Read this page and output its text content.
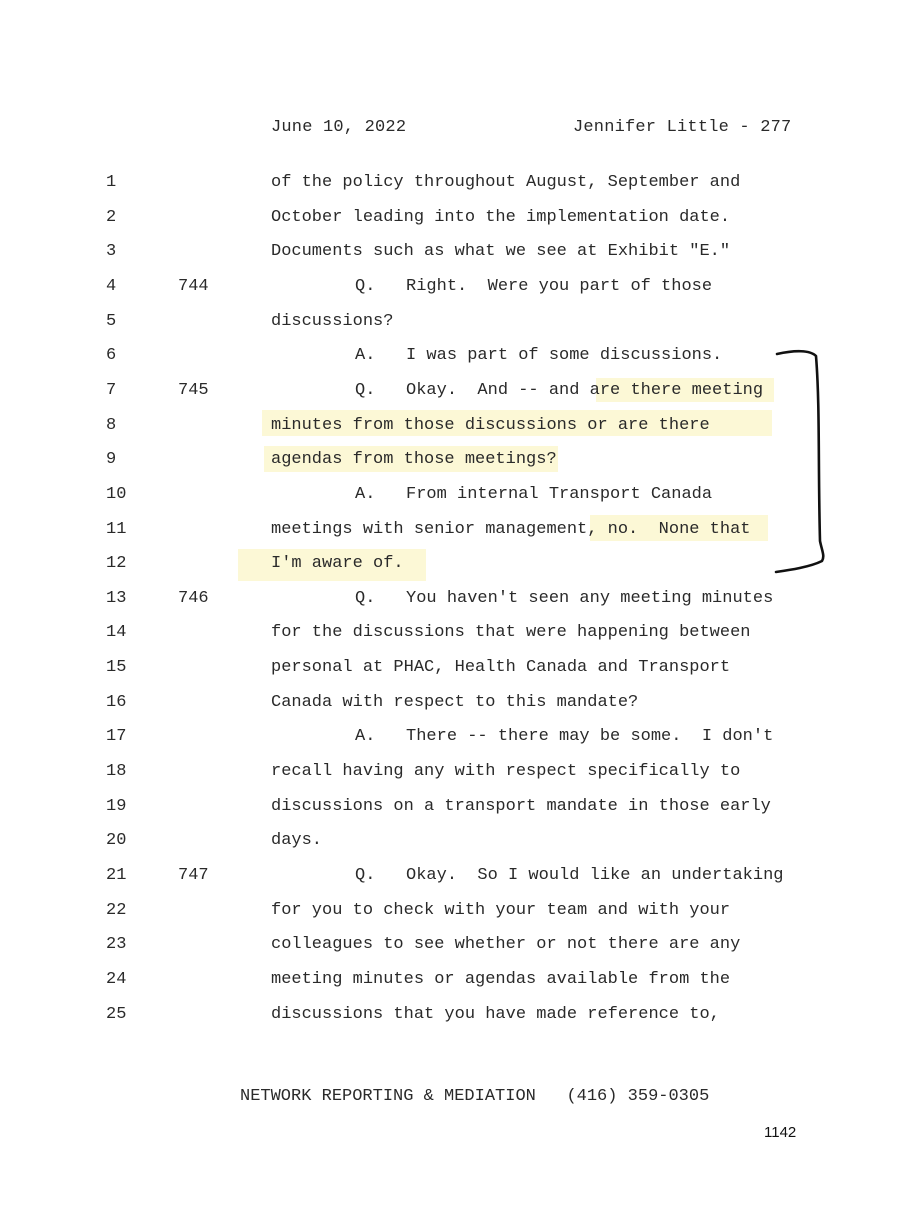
June 10, 2022	Jennifer Little - 277
1	of the policy throughout August, September and
2	October leading into the implementation date.
3	Documents such as what we see at Exhibit "E."
4	744	Q.   Right.  Were you part of those
5	discussions?
6	A.   I was part of some discussions.
7	745	Q.   Okay.  And -- and are there meeting
8	minutes from those discussions or are there
9	agendas from those meetings?
10	A.   From internal Transport Canada
11	meetings with senior management, no.  None that
12	I'm aware of.
13	746	Q.   You haven't seen any meeting minutes
14	for the discussions that were happening between
15	personal at PHAC, Health Canada and Transport
16	Canada with respect to this mandate?
17	A.   There -- there may be some.  I don't
18	recall having any with respect specifically to
19	discussions on a transport mandate in those early
20	days.
21	747	Q.   Okay.  So I would like an undertaking
22	for you to check with your team and with your
23	colleagues to see whether or not there are any
24	meeting minutes or agendas available from the
25	discussions that you have made reference to,
NETWORK REPORTING & MEDIATION   (416) 359-0305
1142
